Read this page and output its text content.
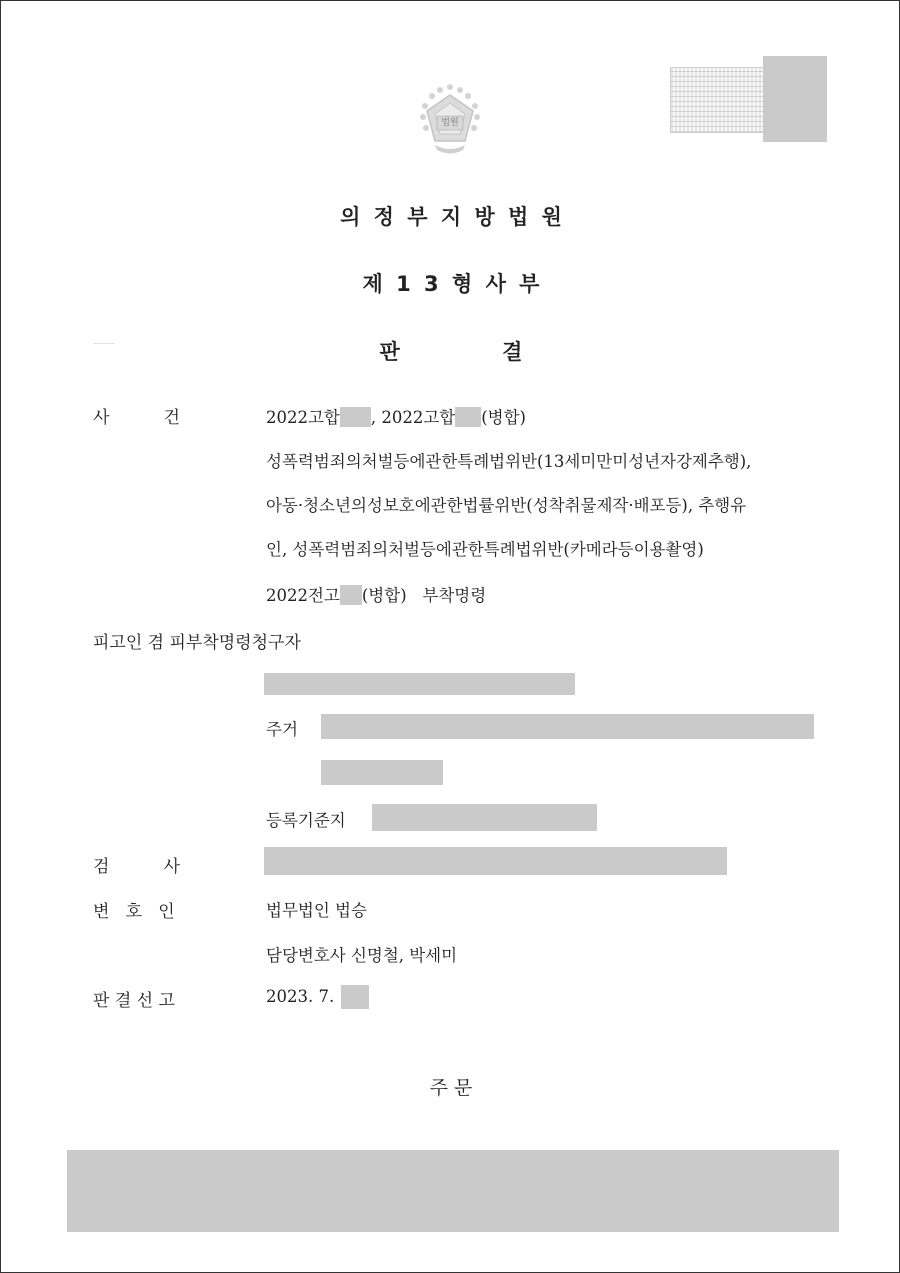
법원
의 정 부 지 방 법 원
제 1 3 형 사 부
판 결
사          건	2022고합 , 2022고합 (병합)
성폭력범죄의처벌등에관한특례법위반(13세미만미성년자강제추행),
아동·청소년의성보호에관한법률위반(성착취물제작·배포등), 추행유
인, 성폭력범죄의처벌등에관한특례법위반(카메라등이용촬영)
2022전고 (병합) 부착명령
피고인 겸 피부착명령청구자
주거
등록기준지
검          사
변   호   인	법무법인 법승
담당변호사 신명철, 박세미
판 결 선 고	2023. 7.
주 문
